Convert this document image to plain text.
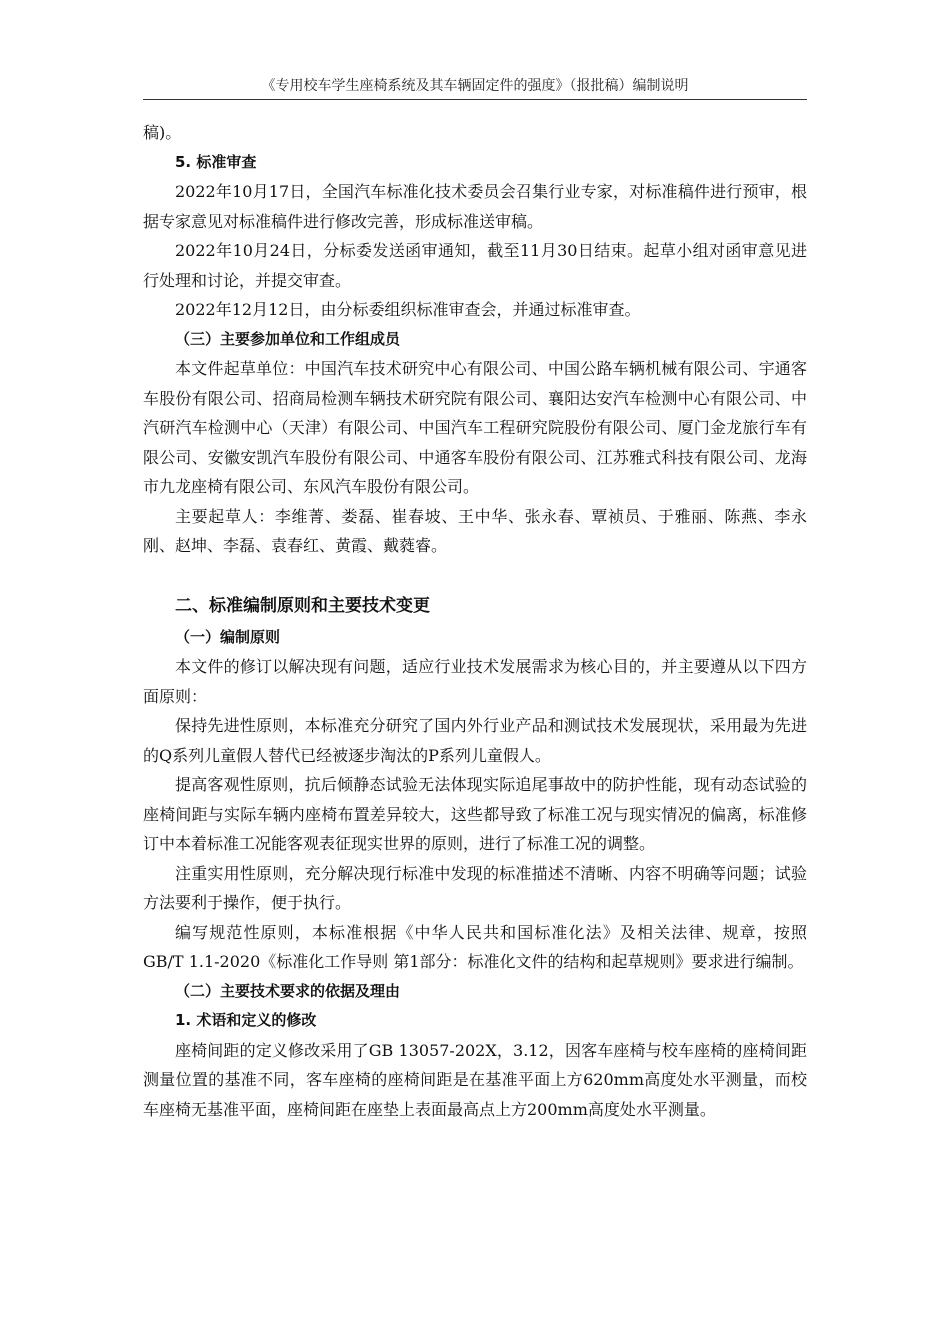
《专用校车学生座椅系统及其车辆固定件的强度》（报批稿）编制说明

稿)。

5. 标准审查

2022年10月17日，全国汽车标准化技术委员会召集行业专家，对标准稿件进行预审，根据专家意见对标准稿件进行修改完善，形成标准送审稿。

2022年10月24日，分标委发送函审通知，截至11月30日结束。起草小组对函审意见进行处理和讨论，并提交审查。

2022年12月12日，由分标委组织标准审查会，并通过标准审查。

（三）主要参加单位和工作组成员

本文件起草单位：中国汽车技术研究中心有限公司、中国公路车辆机械有限公司、宇通客车股份有限公司、招商局检测车辆技术研究院有限公司、襄阳达安汽车检测中心有限公司、中汽研汽车检测中心（天津）有限公司、中国汽车工程研究院股份有限公司、厦门金龙旅行车有限公司、安徽安凯汽车股份有限公司、中通客车股份有限公司、江苏雅式科技有限公司、龙海市九龙座椅有限公司、东风汽车股份有限公司。

主要起草人：李维菁、娄磊、崔春坡、王中华、张永春、覃祯员、于雅丽、陈燕、李永刚、赵坤、李磊、袁春红、黄霞、戴蕤睿。

二、标准编制原则和主要技术变更

（一）编制原则

本文件的修订以解决现有问题，适应行业技术发展需求为核心目的，并主要遵从以下四方面原则：

保持先进性原则，本标准充分研究了国内外行业产品和测试技术发展现状，采用最为先进的Q系列儿童假人替代已经被逐步淘汰的P系列儿童假人。

提高客观性原则，抗后倾静态试验无法体现实际追尾事故中的防护性能，现有动态试验的座椅间距与实际车辆内座椅布置差异较大，这些都导致了标准工况与现实情况的偏离，标准修订中本着标准工况能客观表征现实世界的原则，进行了标准工况的调整。

注重实用性原则，充分解决现行标准中发现的标准描述不清晰、内容不明确等问题；试验方法要利于操作，便于执行。

编写规范性原则，本标准根据《中华人民共和国标准化法》及相关法律、规章，按照GB/T 1.1-2020《标准化工作导则 第1部分：标准化文件的结构和起草规则》要求进行编制。

（二）主要技术要求的依据及理由

1. 术语和定义的修改

座椅间距的定义修改采用了GB 13057-202X，3.12，因客车座椅与校车座椅的座椅间距测量位置的基准不同，客车座椅的座椅间距是在基准平面上方620mm高度处水平测量，而校车座椅无基准平面，座椅间距在座垫上表面最高点上方200mm高度处水平测量。
